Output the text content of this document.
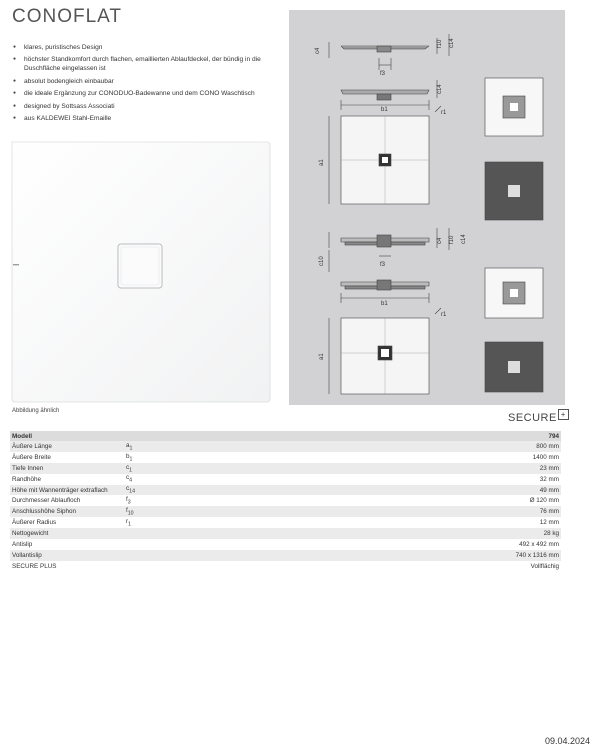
CONOFLAT
● klares, puristisches Design
● höchster Standkomfort durch flachen, emaillierten Ablaufdeckel, der bündig in die Duschfläche eingelassen ist
● absolut bodengleich einbaubar
● die ideale Ergänzung zur CONODUO-Badewanne und dem CONO Waschtisch
● designed by Sottsass Associati
● aus KALDEWEI Stahl-Emaille
Abbildung ähnlich
c4
f10 c14
f3
c14
b1
a1
r1
c4 f10 c14
c10	f3
b1
a1
r1
SECURE +
Modell		794
Äußere Länge	$a_1$	800 mm
Äußere Breite	$b_1$	1400 mm
Tiefe Innen	$c_1$	23 mm
Randhöhe	$c_4$	32 mm
Höhe mit Wannenträger extraflach	$c_{14}$	49 mm
Durchmesser Ablaufloch	$f_3$	Ø 120 mm
Anschlusshöhe Siphon	$f_{10}$	76 mm
Äußerer Radius	$r_1$	12 mm
Nettogewicht		28 kg
Antislip		492 x 492 mm
Vollantislip		740 x 1316 mm
SECURE PLUS		Vollflächig
09.04.2024
